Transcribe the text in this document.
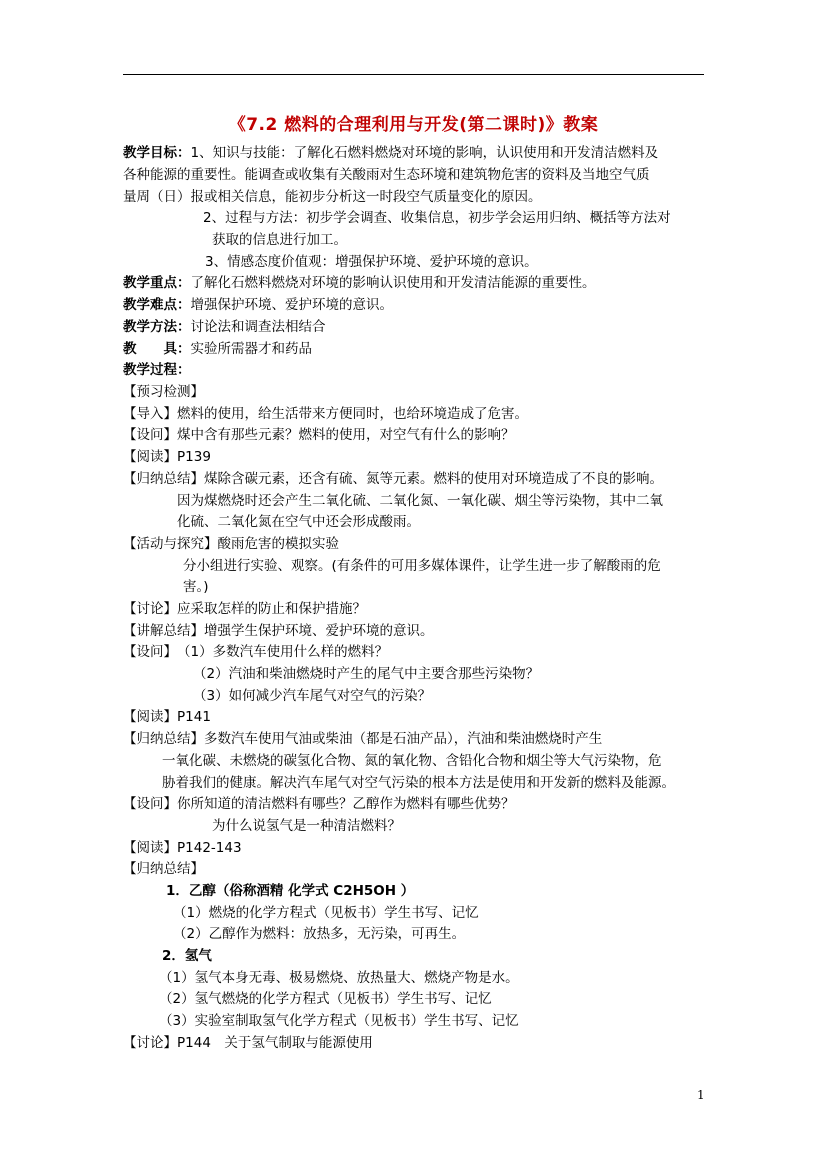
《7.2 燃料的合理利用与开发(第二课时)》教案
教学目标：1、知识与技能：了解化石燃料燃烧对环境的影响，认识使用和开发清洁燃料及
各种能源的重要性。能调查或收集有关酸雨对生态环境和建筑物危害的资料及当地空气质
量周（日）报或相关信息，能初步分析这一时段空气质量变化的原因。
2、过程与方法：初步学会调查、收集信息，初步学会运用归纳、概括等方法对
获取的信息进行加工。
3、情感态度价值观：增强保护环境、爱护环境的意识。
教学重点：了解化石燃料燃烧对环境的影响认识使用和开发清洁能源的重要性。
教学难点：增强保护环境、爱护环境的意识。
教学方法：讨论法和调查法相结合
教　　具：实验所需器才和药品
教学过程：
【预习检测】
【导入】燃料的使用，给生活带来方便同时，也给环境造成了危害。
【设问】煤中含有那些元素？燃料的使用，对空气有什么的影响？
【阅读】P139
【归纳总结】煤除含碳元素，还含有硫、氮等元素。燃料的使用对环境造成了不良的影响。
因为煤燃烧时还会产生二氧化硫、二氧化氮、一氧化碳、烟尘等污染物，其中二氧
化硫、二氧化氮在空气中还会形成酸雨。
【活动与探究】酸雨危害的模拟实验
分小组进行实验、观察。(有条件的可用多媒体课件，让学生进一步了解酸雨的危
害。)
【讨论】应采取怎样的防止和保护措施？
【讲解总结】增强学生保护环境、爱护环境的意识。
【设问】　（1）多数汽车使用什么样的燃料？
（2）汽油和柴油燃烧时产生的尾气中主要含那些污染物？
（3）如何减少汽车尾气对空气的污染？
【阅读】P141
【归纳总结】多数汽车使用气油或柴油（都是石油产品），汽油和柴油燃烧时产生
一氧化碳、未燃烧的碳氢化合物、氮的氧化物、含铅化合物和烟尘等大气污染物，危
胁着我们的健康。解决汽车尾气对空气污染的根本方法是使用和开发新的燃料及能源。
【设问】你所知道的清洁燃料有哪些？乙醇作为燃料有哪些优势？
为什么说氢气是一种清洁燃料？
【阅读】P142-143
【归纳总结】
1．乙醇（俗称酒精 化学式 C2H5OH ）
（1）燃烧的化学方程式（见板书）学生书写、记忆
（2）乙醇作为燃料：放热多，无污染，可再生。
2．氢气
（1）氢气本身无毒、极易燃烧、放热量大、燃烧产物是水。
（2）氢气燃烧的化学方程式（见板书）学生书写、记忆
（3）实验室制取氢气化学方程式（见板书）学生书写、记忆
【讨论】P144　关于氢气制取与能源使用
1
